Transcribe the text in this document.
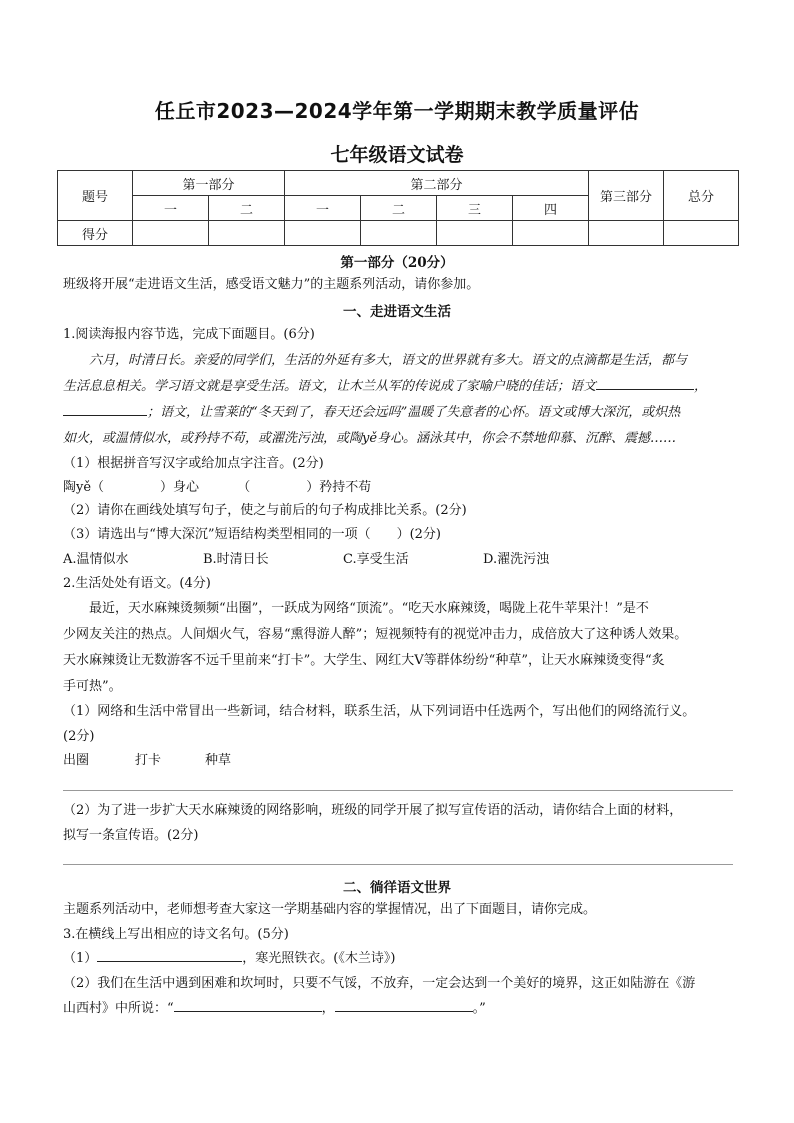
任丘市2023—2024学年第一学期期末教学质量评估
七年级语文试卷
题号	第一部分		第二部分				第三部分	总分
	一	二	一	二	三	四		
得分								
第一部分（20分）
班级将开展“走进语文生活，感受语文魅力”的主题系列活动，请你参加。
一、走进语文生活
1.阅读海报内容节选，完成下面题目。(6分)
六月，时清日长。亲爱的同学们，生活的外延有多大，语文的世界就有多大。语文的点滴都是生活，都与
生活息息相关。学习语文就是享受生活。语文，让木兰从军的传说成了家喻户晓的佳话；语文	，
；语文，让雪莱的“冬天到了，春天还会远吗”温暖了失意者的心怀。语文或博大深沉，或炽热
如火，或温情似水，或矜持不苟，或濯洗污浊，或陶yě身心。涵泳其中，你会不禁地仰慕、沉醉、震撼……
（1）根据拼音写汉字或给加点字注音。(2分)
陶yě（	）身心	（	）矜持不苟
（2）请你在画线处填写句子，使之与前后的句子构成排比关系。(2分)
（3）请选出与“博大深沉”短语结构类型相同的一项（　　）(2分)
A.温情似水	B.时清日长	C.享受生活	D.濯洗污浊
2.生活处处有语文。(4分)
最近，天水麻辣烫频频“出圈”，一跃成为网络“顶流”。“吃天水麻辣烫，喝陇上花牛苹果汁！”是不
少网友关注的热点。人间烟火气，容易“熏得游人醉”；短视频特有的视觉冲击力，成倍放大了这种诱人效果。
天水麻辣烫让无数游客不远千里前来“打卡”。大学生、网红大V等群体纷纷“种草”，让天水麻辣烫变得“炙
手可热”。
（1）网络和生活中常冒出一些新词，结合材料，联系生活，从下列词语中任选两个，写出他们的网络流行义。
(2分)
出圈	打卡	种草
（2）为了进一步扩大天水麻辣烫的网络影响，班级的同学开展了拟写宣传语的活动，请你结合上面的材料，
拟写一条宣传语。(2分)
二、徜徉语文世界
主题系列活动中，老师想考查大家这一学期基础内容的掌握情况，出了下面题目，请你完成。
3.在横线上写出相应的诗文名句。(5分)
（1）	，寒光照铁衣。(《木兰诗》)
（2）我们在生活中遇到困难和坎坷时，只要不气馁，不放弃，一定会达到一个美好的境界，这正如陆游在《游
山西村》中所说：“	，	。”
